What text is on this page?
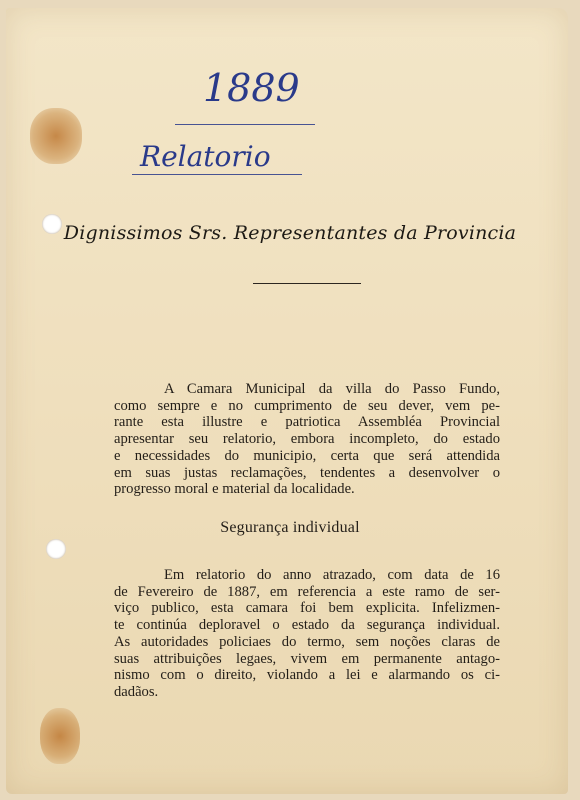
1889
Relatorio
Dignissimos Srs. Representantes da Provincia
A Camara Municipal da villa do Passo Fundo,
como sempre e no cumprimento de seu dever, vem pe-
rante esta illustre e patriotica Assembléa Provincial
apresentar seu relatorio, embora incompleto, do estado
e necessidades do municipio, certa que será attendida
em suas justas reclamações, tendentes a desenvolver o
progresso moral e material da localidade.
Segurança individual
Em relatorio do anno atrazado, com data de 16
de Fevereiro de 1887, em referencia a este ramo de ser-
viço publico, esta camara foi bem explicita. Infelizmen-
te continúa deploravel o estado da segurança individual.
As autoridades policiaes do termo, sem noções claras de
suas attribuições legaes, vivem em permanente antago-
nismo com o direito, violando a lei e alarmando os ci-
dadãos.
